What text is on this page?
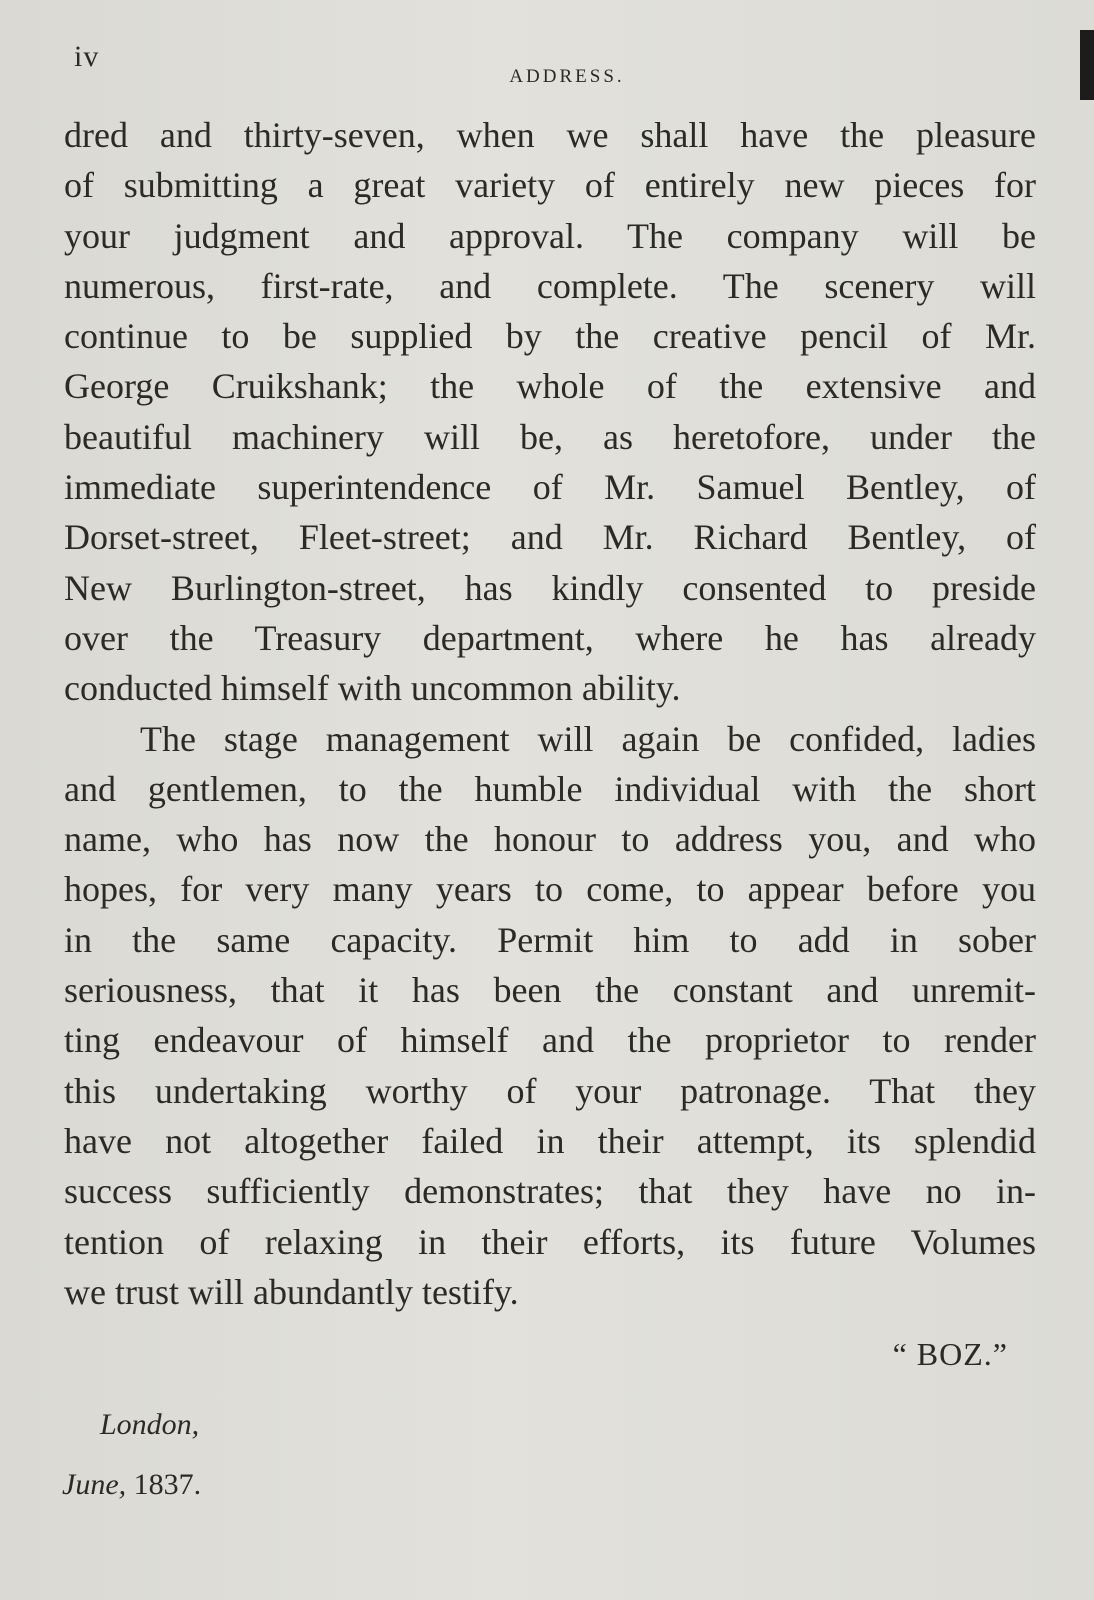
iv

ADDRESS.

dred and thirty-seven, when we shall have the pleasure
of submitting a great variety of entirely new pieces for
your judgment and approval. The company will be
numerous, first-rate, and complete. The scenery will
continue to be supplied by the creative pencil of Mr.
George Cruikshank; the whole of the extensive and
beautiful machinery will be, as heretofore, under the
immediate superintendence of Mr. Samuel Bentley, of
Dorset-street, Fleet-street; and Mr. Richard Bentley, of
New Burlington-street, has kindly consented to preside
over the Treasury department, where he has already
conducted himself with uncommon ability.
The stage management will again be confided, ladies
and gentlemen, to the humble individual with the short
name, who has now the honour to address you, and who
hopes, for very many years to come, to appear before you
in the same capacity. Permit him to add in sober
seriousness, that it has been the constant and unremit-
ting endeavour of himself and the proprietor to render
this undertaking worthy of your patronage. That they
have not altogether failed in their attempt, its splendid
success sufficiently demonstrates; that they have no in-
tention of relaxing in their efforts, its future Volumes
we trust will abundantly testify.

“ BOZ.”

London,

June, 1837.
